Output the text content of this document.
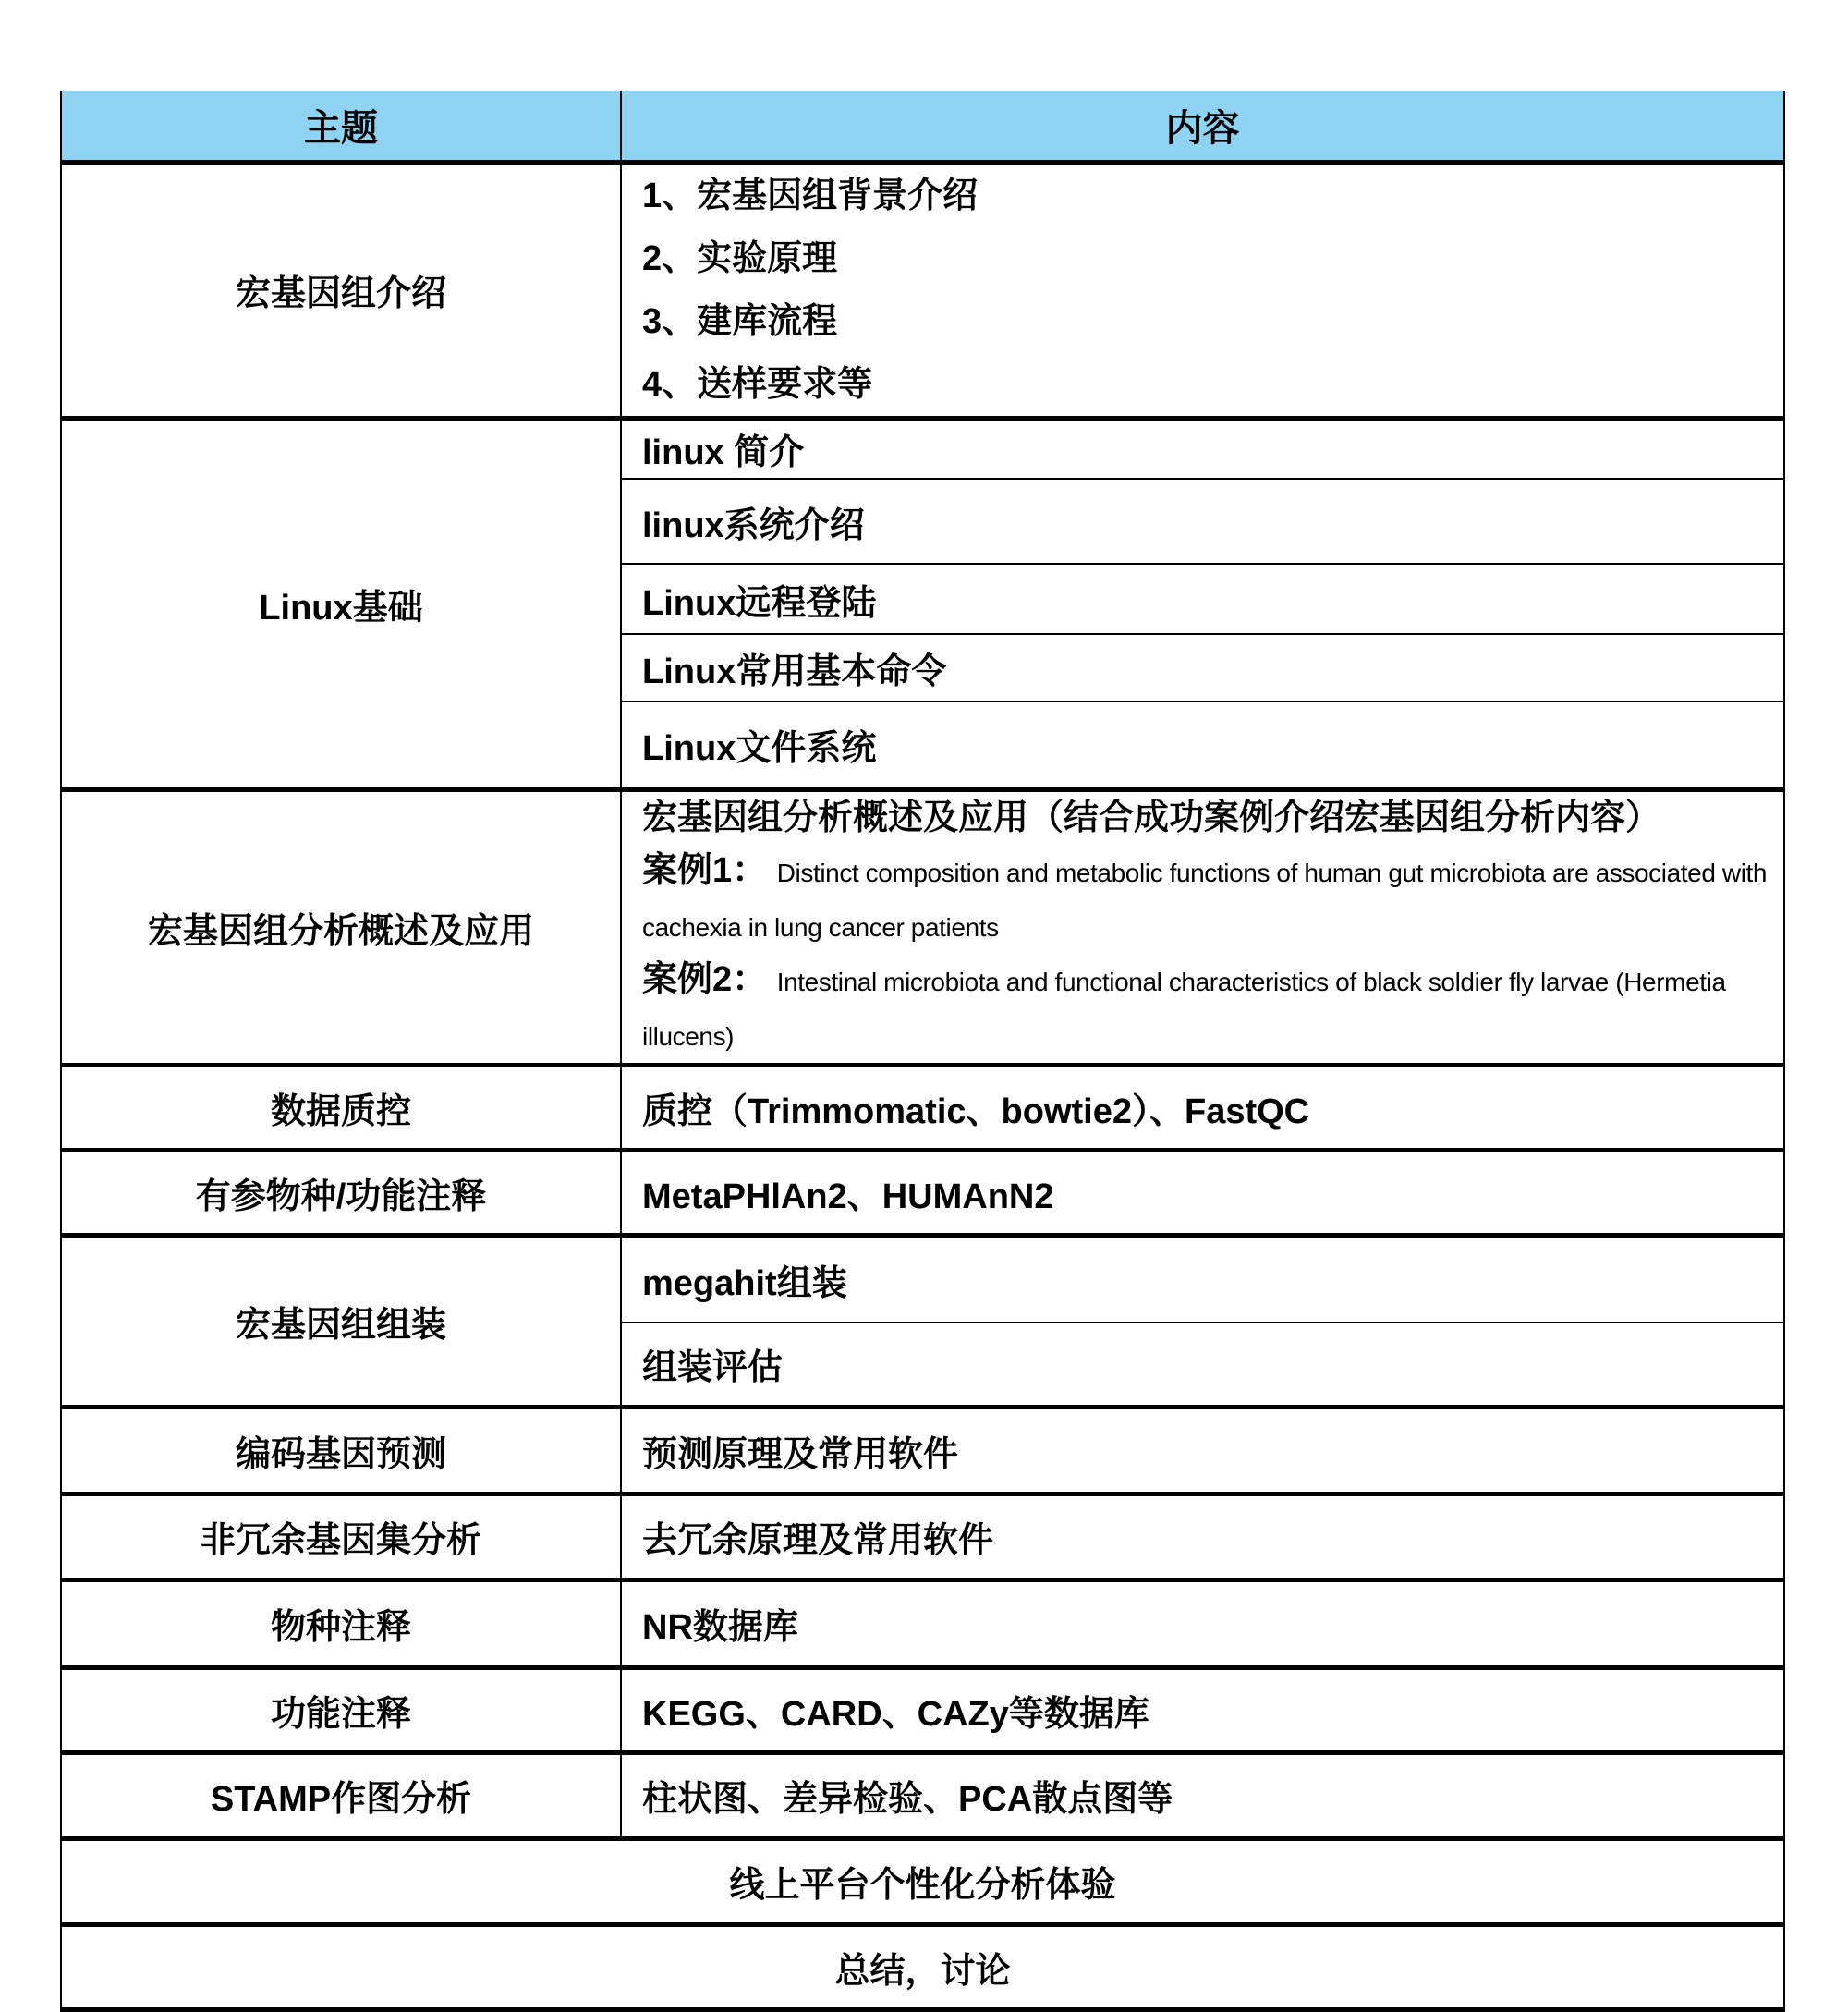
主题	内容
宏基因组介绍	1、宏基因组背景介绍
2、实验原理
3、建库流程
4、送样要求等

Linux基础	linux 简介
	linux系统介绍
	Linux远程登陆
	Linux常用基本命令
	Linux文件系统
宏基因组分析概述及应用	宏基因组分析概述及应用（结合成功案例介绍宏基因组分析内容）
案例1： Distinct composition and metabolic functions of human gut microbiota are associated with cachexia in lung cancer patients
案例2： Intestinal microbiota and functional characteristics of black soldier fly larvae (Hermetia illucens)

数据质控	质控（Trimmomatic、bowtie2）、FastQC
有参物种/功能注释	MetaPHlAn2、HUMAnN2
宏基因组组装	megahit组装
	组装评估
编码基因预测	预测原理及常用软件
非冗余基因集分析	去冗余原理及常用软件
物种注释	NR数据库
功能注释	KEGG、CARD、CAZy等数据库
STAMP作图分析	柱状图、差异检验、PCA散点图等
线上平台个性化分析体验	
总结，讨论	
